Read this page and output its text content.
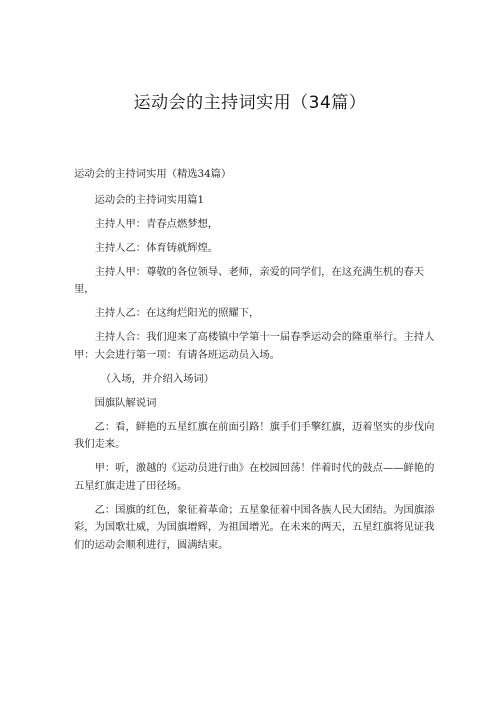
运动会的主持词实用（34篇）

运动会的主持词实用（精选34篇）

运动会的主持词实用篇1

主持人甲：青春点燃梦想，

主持人乙：体育铸就辉煌。

主持人甲：尊敬的各位领导、老师，亲爱的同学们，在这充满生机的春天里，

主持人乙：在这绚烂阳光的照耀下，

主持人合：我们迎来了高楼镇中学第十一届春季运动会的隆重举行。主持人甲：大会进行第一项：有请各班运动员入场。

（入场，并介绍入场词）

国旗队解说词

乙：看，鲜艳的五星红旗在前面引路！旗手们手擎红旗，迈着坚实的步伐向我们走来。

甲：听，激越的《运动员进行曲》在校园回荡！伴着时代的鼓点——鲜艳的五星红旗走进了田径场。

乙：国旗的红色，象征着革命；五星象征着中国各族人民大团结。为国旗添彩，为国歌壮威，为国旗增辉，为祖国增光。在未来的两天，五星红旗将见证我们的运动会顺利进行，圆满结束。
